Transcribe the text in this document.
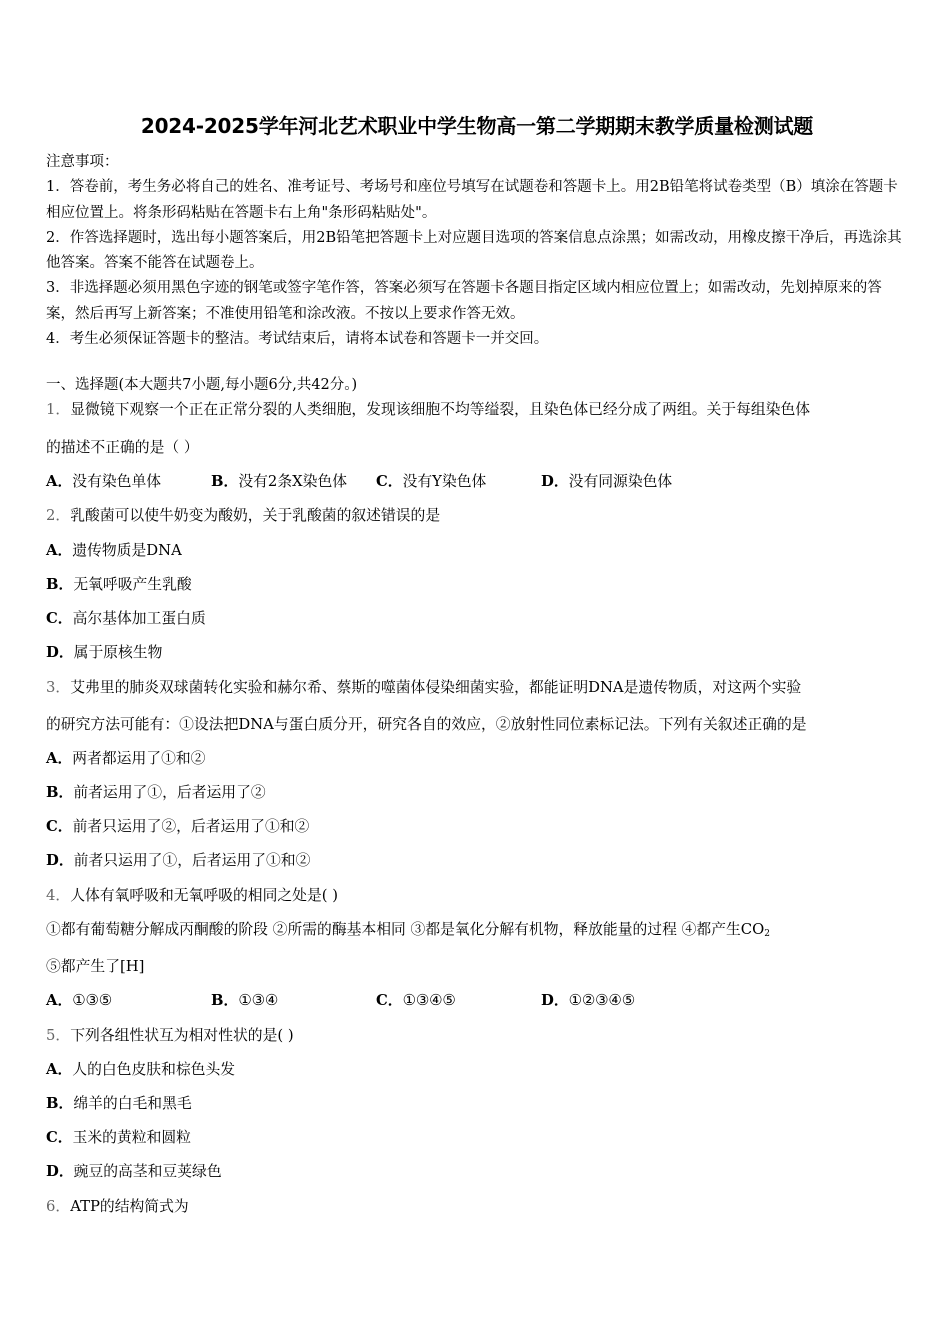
2024-2025学年河北艺术职业中学生物高一第二学期期末教学质量检测试题

注意事项：

1．答卷前，考生务必将自己的姓名、准考证号、考场号和座位号填写在试题卷和答题卡上。用2B铅笔将试卷类型（B）填涂在答题卡相应位置上。将条形码粘贴在答题卡右上角"条形码粘贴处"。

2．作答选择题时，选出每小题答案后，用2B铅笔把答题卡上对应题目选项的答案信息点涂黑；如需改动，用橡皮擦干净后，再选涂其他答案。答案不能答在试题卷上。

3．非选择题必须用黑色字迹的钢笔或签字笔作答，答案必须写在答题卡各题目指定区域内相应位置上；如需改动，先划掉原来的答案，然后再写上新答案；不准使用铅笔和涂改液。不按以上要求作答无效。

4．考生必须保证答题卡的整洁。考试结束后，请将本试卷和答题卡一并交回。

一、选择题(本大题共7小题,每小题6分,共42分。)
1．显微镜下观察一个正在正常分裂的人类细胞，发现该细胞不均等缢裂，且染色体已经分成了两组。关于每组染色体
的描述不正确的是（ ）
A．没有染色单体	B．没有2条X染色体 C．没有Y染色体	D．没有同源染色体
2．乳酸菌可以使牛奶变为酸奶，关于乳酸菌的叙述错误的是
A．遗传物质是DNA
B．无氧呼吸产生乳酸
C．高尔基体加工蛋白质
D．属于原核生物
3．艾弗里的肺炎双球菌转化实验和赫尔希、蔡斯的噬菌体侵染细菌实验，都能证明DNA是遗传物质，对这两个实验
的研究方法可能有：①设法把DNA与蛋白质分开，研究各自的效应，②放射性同位素标记法。下列有关叙述正确的是
A．两者都运用了①和②
B．前者运用了①，后者运用了②
C．前者只运用了②，后者运用了①和②
D．前者只运用了①，后者运用了①和②
4．人体有氧呼吸和无氧呼吸的相同之处是( )
①都有葡萄糖分解成丙酮酸的阶段 ②所需的酶基本相同 ③都是氧化分解有机物，释放能量的过程 ④都产生$CO_2$
⑤都产生了[H]
A．①③⑤	B．①③④	C．①③④⑤	D．①②③④⑤
5．下列各组性状互为相对性状的是( )
A．人的白色皮肤和棕色头发
B．绵羊的白毛和黑毛
C．玉米的黄粒和圆粒
D．豌豆的高茎和豆荚绿色
6．ATP的结构简式为
